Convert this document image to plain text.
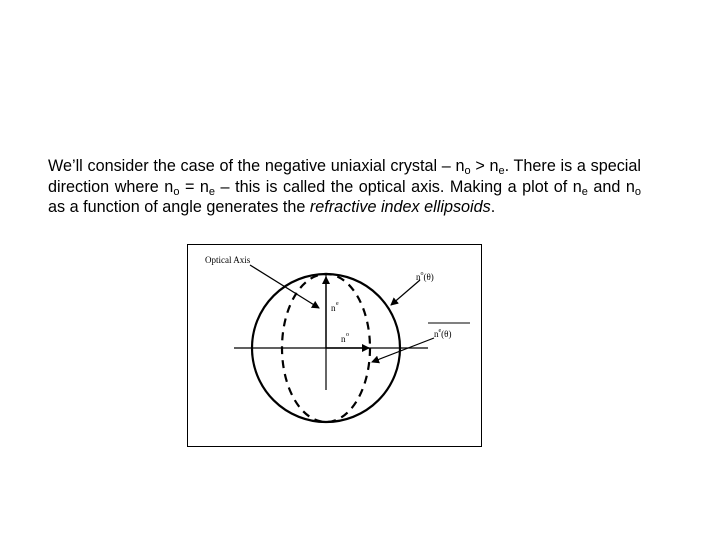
We’ll consider the case of the negative uniaxial crystal – $n_o > n_e$. There is a special direction where $n_o = n_e$ – this is called the optical axis. Making a plot of $n_e$ and $n_o$ as a function of angle generates the refractive index ellipsoids.
Optical Axis
n e
n o
$n^o(\theta)$
$n^e(\theta)$
